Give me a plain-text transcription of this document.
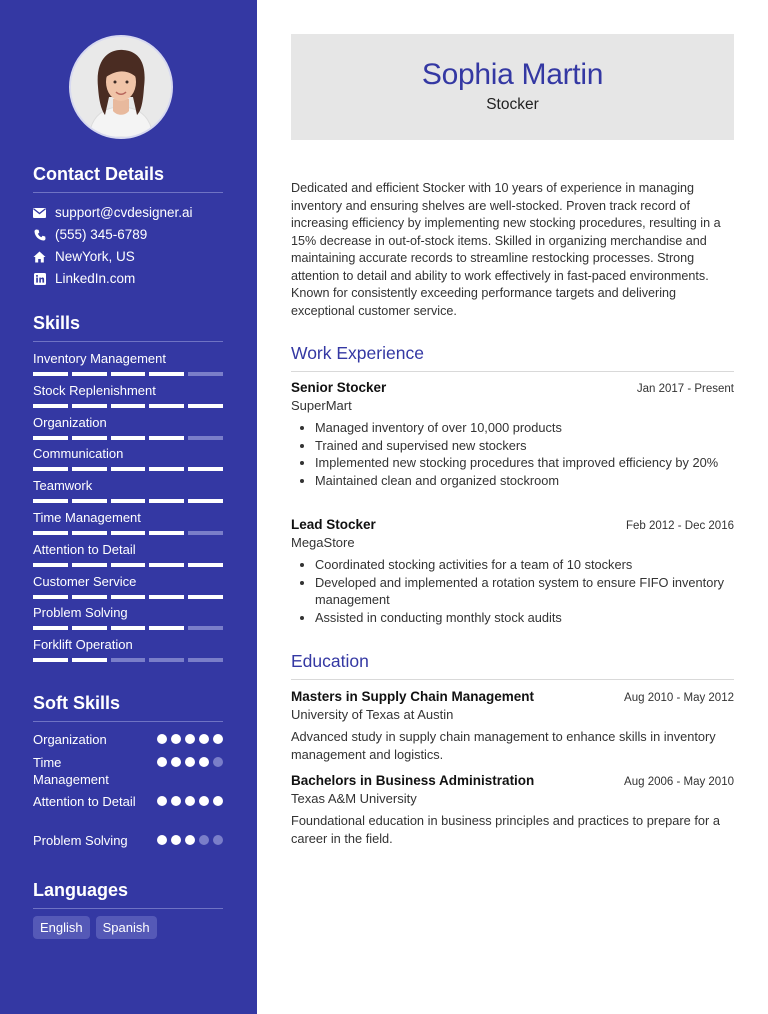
Contact Details
support@cvdesigner.ai
(555) 345-6789
NewYork, US
LinkedIn.com
Skills
Inventory Management
Stock Replenishment
Organization
Communication
Teamwork
Time Management
Attention to Detail
Customer Service
Problem Solving
Forklift Operation
Soft Skills
Organization
Time Management
Attention to Detail
Problem Solving
Languages
English	Spanish
Sophia Martin
Stocker
Dedicated and efficient Stocker with 10 years of experience in managing inventory and ensuring shelves are well-stocked. Proven track record of increasing efficiency by implementing new stocking procedures, resulting in a 15% decrease in out-of-stock items. Skilled in organizing merchandise and maintaining accurate records to streamline restocking processes. Strong attention to detail and ability to work effectively in fast-paced environments. Known for consistently exceeding performance targets and delivering exceptional customer service.
Work Experience
Senior Stocker	Jan 2017 - Present
SuperMart
• Managed inventory of over 10,000 products
• Trained and supervised new stockers
• Implemented new stocking procedures that improved efficiency by 20%
• Maintained clean and organized stockroom
Lead Stocker	Feb 2012 - Dec 2016
MegaStore
• Coordinated stocking activities for a team of 10 stockers
• Developed and implemented a rotation system to ensure FIFO inventory management
• Assisted in conducting monthly stock audits
Education
Masters in Supply Chain Management	Aug 2010 - May 2012
University of Texas at Austin
Advanced study in supply chain management to enhance skills in inventory management and logistics.
Bachelors in Business Administration	Aug 2006 - May 2010
Texas A&M University
Foundational education in business principles and practices to prepare for a career in the field.
